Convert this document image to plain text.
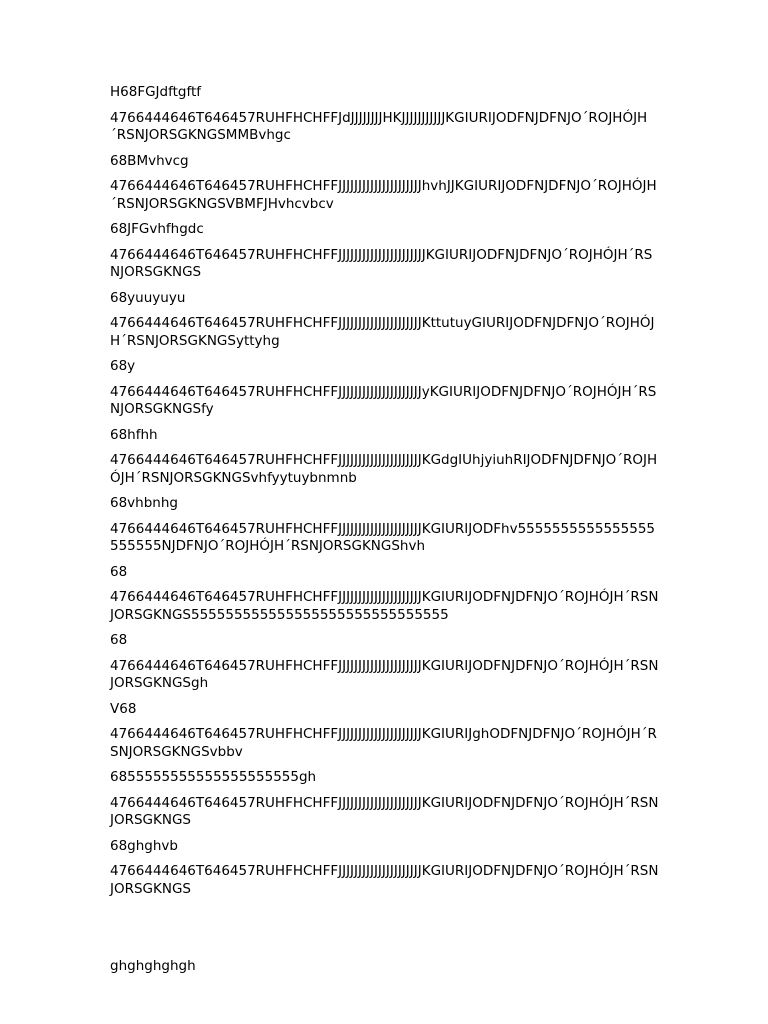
H68FGJdftgftf

4766444646T646457RUHFHCHFFJdJJJJJJJJHKJJJJJJJJJJJKGIURIJODFNJDFNJO´ROJHÓJH´RSNJORSGKNGSMMBvhgc

68BMvhvcg

4766444646T646457RUHFHCHFFJJJJJJJJJJJJJJJJJJJJJhvhJJKGIURIJODFNJDFNJO´ROJHÓJH´RSNJORSGKNGSVBMFJHvhcvbcv

68JFGvhfhgdc

4766444646T646457RUHFHCHFFJJJJJJJJJJJJJJJJJJJJJJKGIURIJODFNJDFNJO´ROJHÓJH´RSNJORSGKNGS

68yuuyuyu

4766444646T646457RUHFHCHFFJJJJJJJJJJJJJJJJJJJJJKttutuyGIURIJODFNJDFNJO´ROJHÓJH´RSNJORSGKNGSyttyhg

68y

4766444646T646457RUHFHCHFFJJJJJJJJJJJJJJJJJJJJJyKGIURIJODFNJDFNJO´ROJHÓJH´RSNJORSGKNGSfy

68hfhh

4766444646T646457RUHFHCHFFJJJJJJJJJJJJJJJJJJJJJKGdgIUhjyiuhRIJODFNJDFNJO´ROJHÓJH´RSNJORSGKNGSvhfyytuybnmnb

68vhbnhg

4766444646T646457RUHFHCHFFJJJJJJJJJJJJJJJJJJJJJKGIURIJODFhv5555555555555555555555NJDFNJO´ROJHÓJH´RSNJORSGKNGShvh

68

4766444646T646457RUHFHCHFFJJJJJJJJJJJJJJJJJJJJJKGIURIJODFNJDFNJO´ROJHÓJH´RSNJORSGKNGS555555555555555555555555555555

68

4766444646T646457RUHFHCHFFJJJJJJJJJJJJJJJJJJJJJKGIURIJODFNJDFNJO´ROJHÓJH´RSNJORSGKNGSgh

V68

4766444646T646457RUHFHCHFFJJJJJJJJJJJJJJJJJJJJJKGIURIJghODFNJDFNJO´ROJHÓJH´RSNJORSGKNGSvbbv

6855555555555555555555gh

4766444646T646457RUHFHCHFFJJJJJJJJJJJJJJJJJJJJJKGIURIJODFNJDFNJO´ROJHÓJH´RSNJORSGKNGS

68ghghvb

4766444646T646457RUHFHCHFFJJJJJJJJJJJJJJJJJJJJJKGIURIJODFNJDFNJO´ROJHÓJH´RSNJORSGKNGS

ghghghghgh
